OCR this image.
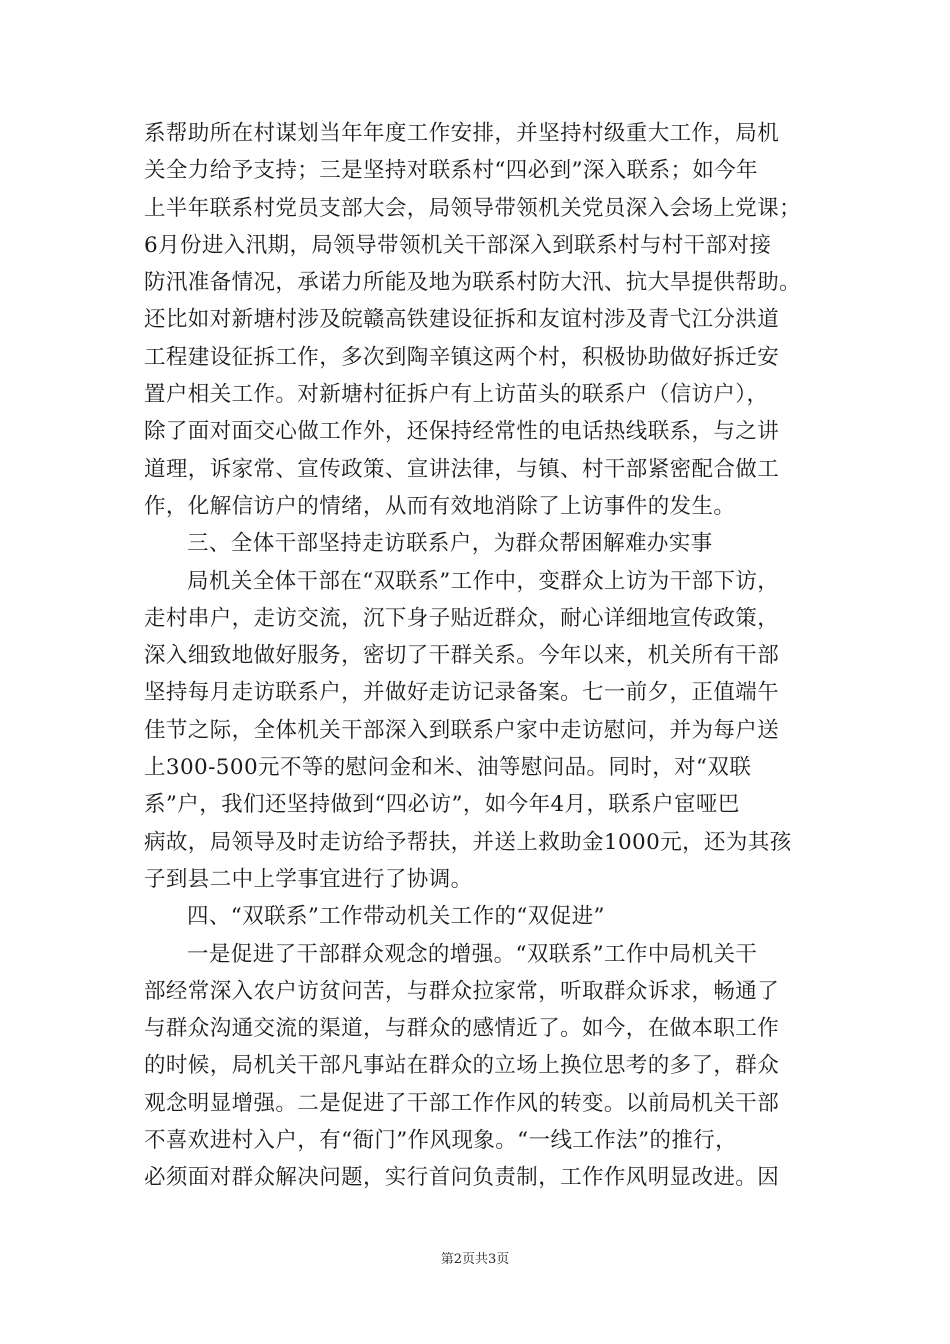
系帮助所在村谋划当年年度工作安排，并坚持村级重大工作，局机
关全力给予支持；三是坚持对联系村“四必到”深入联系；如今年
上半年联系村党员支部大会，局领导带领机关党员深入会场上党课；
6月份进入汛期，局领导带领机关干部深入到联系村与村干部对接
防汛准备情况，承诺力所能及地为联系村防大汛、抗大旱提供帮助。
还比如对新塘村涉及皖赣高铁建设征拆和友谊村涉及青弋江分洪道
工程建设征拆工作，多次到陶辛镇这两个村，积极协助做好拆迁安
置户相关工作。对新塘村征拆户有上访苗头的联系户（信访户），
除了面对面交心做工作外，还保持经常性的电话热线联系，与之讲
道理，诉家常、宣传政策、宣讲法律，与镇、村干部紧密配合做工
作，化解信访户的情绪，从而有效地消除了上访事件的发生。
三、全体干部坚持走访联系户，为群众帮困解难办实事
局机关全体干部在“双联系”工作中，变群众上访为干部下访，
走村串户，走访交流，沉下身子贴近群众，耐心详细地宣传政策，
深入细致地做好服务，密切了干群关系。今年以来，机关所有干部
坚持每月走访联系户，并做好走访记录备案。七一前夕，正值端午
佳节之际，全体机关干部深入到联系户家中走访慰问，并为每户送
上300-500元不等的慰问金和米、油等慰问品。同时，对“双联
系”户，我们还坚持做到“四必访”，如今年4月，联系户宦哑巴
病故，局领导及时走访给予帮扶，并送上救助金1000元，还为其孩
子到县二中上学事宜进行了协调。
四、“双联系”工作带动机关工作的“双促进”
一是促进了干部群众观念的增强。“双联系”工作中局机关干
部经常深入农户访贫问苦，与群众拉家常，听取群众诉求，畅通了
与群众沟通交流的渠道，与群众的感情近了。如今，在做本职工作
的时候，局机关干部凡事站在群众的立场上换位思考的多了，群众
观念明显增强。二是促进了干部工作作风的转变。以前局机关干部
不喜欢进村入户，有“衙门”作风现象。“一线工作法”的推行，
必须面对群众解决问题，实行首问负责制，工作作风明显改进。因
第2页共3页
